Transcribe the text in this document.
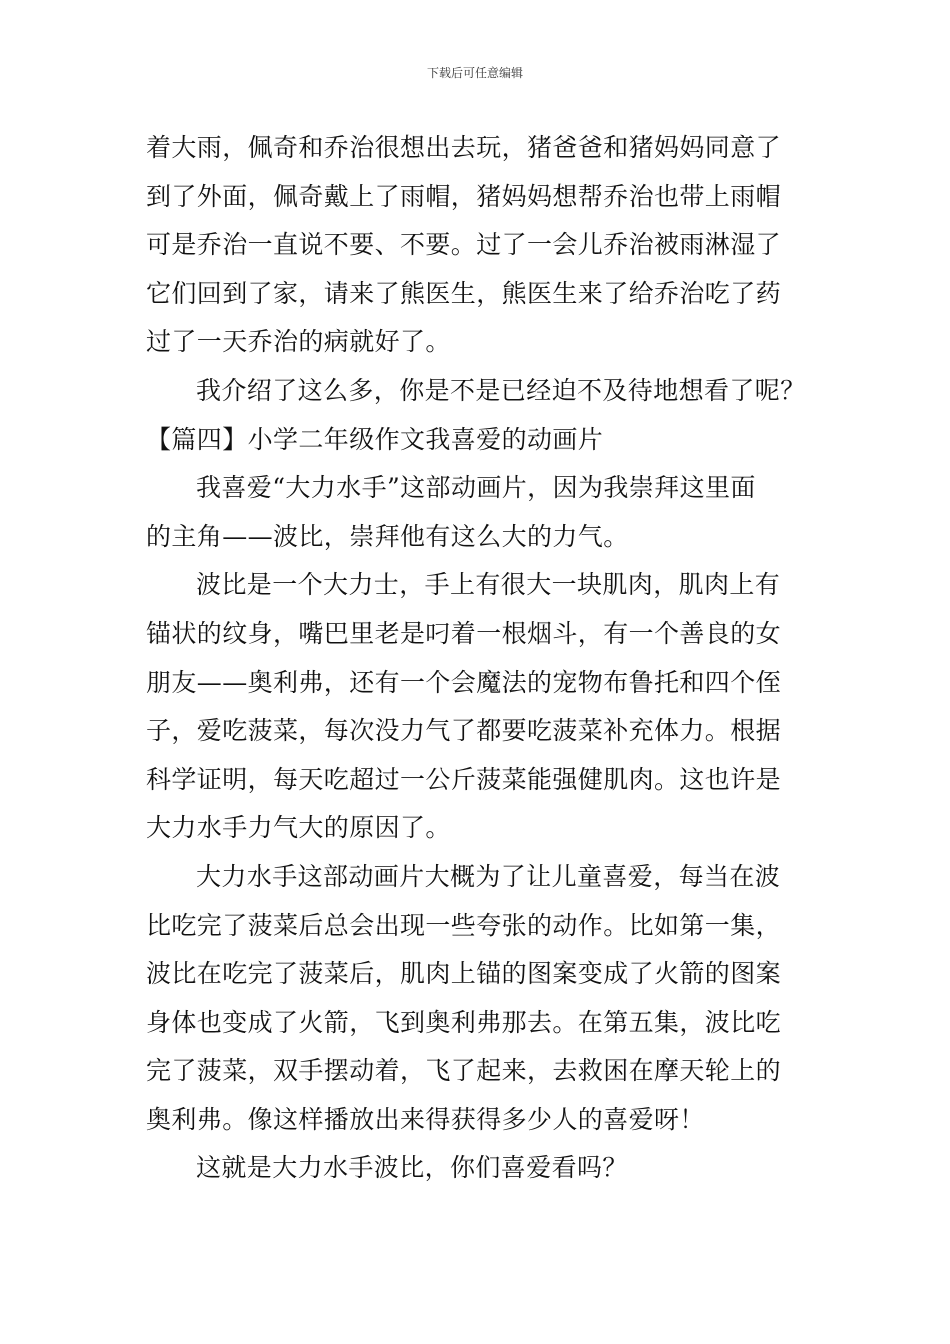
下载后可任意编辑
着大雨，佩奇和乔治很想出去玩，猪爸爸和猪妈妈同意了
到了外面，佩奇戴上了雨帽，猪妈妈想帮乔治也带上雨帽
可是乔治一直说不要、不要。过了一会儿乔治被雨淋湿了
它们回到了家，请来了熊医生，熊医生来了给乔治吃了药
过了一天乔治的病就好了。
我介绍了这么多，你是不是已经迫不及待地想看了呢？
【篇四】小学二年级作文我喜爱的动画片
我喜爱“大力水手”这部动画片，因为我崇拜这里面
的主角——波比，崇拜他有这么大的力气。
波比是一个大力士，手上有很大一块肌肉，肌肉上有
锚状的纹身，嘴巴里老是叼着一根烟斗，有一个善良的女
朋友——奥利弗，还有一个会魔法的宠物布鲁托和四个侄
子，爱吃菠菜，每次没力气了都要吃菠菜补充体力。根据
科学证明，每天吃超过一公斤菠菜能强健肌肉。这也许是
大力水手力气大的原因了。
大力水手这部动画片大概为了让儿童喜爱，每当在波
比吃完了菠菜后总会出现一些夸张的动作。比如第一集，
波比在吃完了菠菜后，肌肉上锚的图案变成了火箭的图案
身体也变成了火箭，飞到奥利弗那去。在第五集，波比吃
完了菠菜，双手摆动着，飞了起来，去救困在摩天轮上的
奥利弗。像这样播放出来得获得多少人的喜爱呀！
这就是大力水手波比，你们喜爱看吗？
